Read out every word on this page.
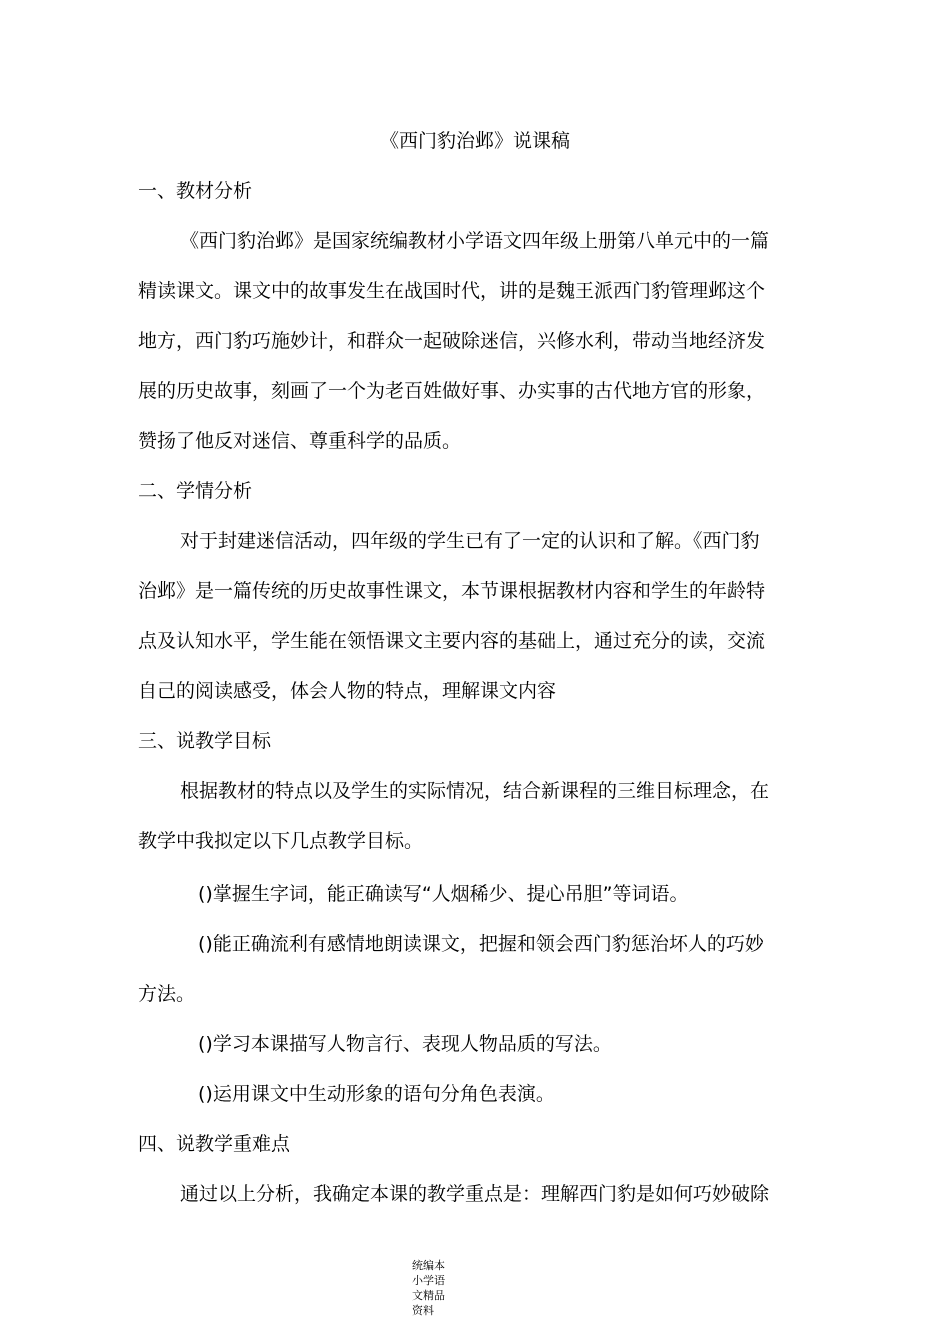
《西门豹治邺》说课稿
一、教材分析
《西门豹治邺》是国家统编教材小学语文四年级上册第八单元中的一篇
精读课文。课文中的故事发生在战国时代，讲的是魏王派西门豹管理邺这个
地方，西门豹巧施妙计，和群众一起破除迷信，兴修水利，带动当地经济发
展的历史故事，刻画了一个为老百姓做好事、办实事的古代地方官的形象，
赞扬了他反对迷信、尊重科学的品质。
二、学情分析
对于封建迷信活动，四年级的学生已有了一定的认识和了解。《西门豹
治邺》是一篇传统的历史故事性课文，本节课根据教材内容和学生的年龄特
点及认知水平，学生能在领悟课文主要内容的基础上，通过充分的读，交流
自己的阅读感受，体会人物的特点，理解课文内容
三、说教学目标
根据教材的特点以及学生的实际情况，结合新课程的三维目标理念，在
教学中我拟定以下几点教学目标。
()掌握生字词，能正确读写“人烟稀少、提心吊胆”等词语。
()能正确流利有感情地朗读课文，把握和领会西门豹惩治坏人的巧妙
方法。
()学习本课描写人物言行、表现人物品质的写法。
()运用课文中生动形象的语句分角色表演。
四、说教学重难点
通过以上分析，我确定本课的教学重点是：理解西门豹是如何巧妙破除
统编本
小学语
文精品
资料
